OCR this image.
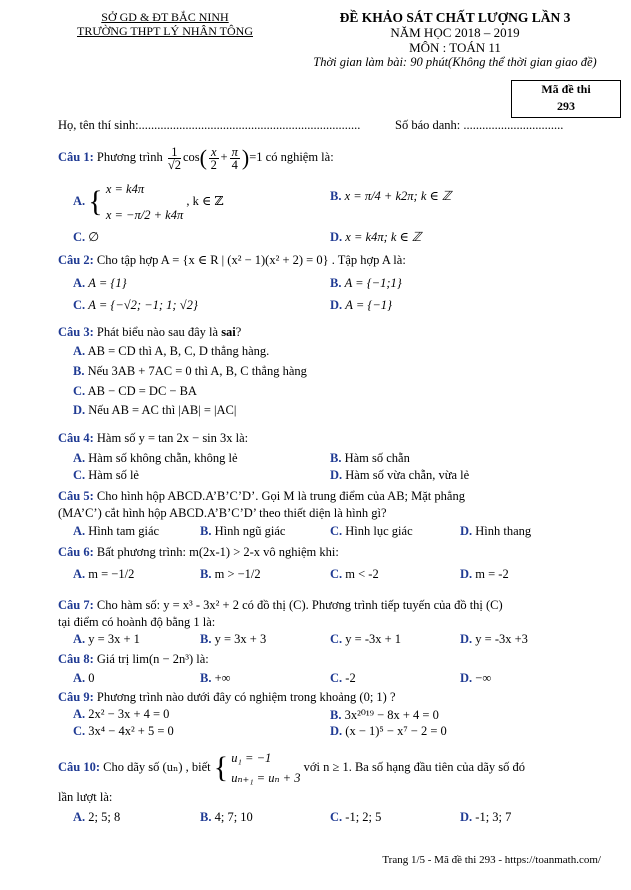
SỞ GD & ĐT BẮC NINH
TRƯỜNG THPT LÝ NHÂN TÔNG
ĐỀ KHẢO SÁT CHẤT LƯỢNG LẦN 3
NĂM HỌC 2018 – 2019
MÔN : TOÁN 11
Thời gian làm bài: 90 phút(Không thể thời gian giao đề)
Mã đề thi
293
Họ, tên thí sinh:.......................................................................	Số báo danh: ................................
Câu 1: Phương trình $\frac{1}{√2} \cos( \frac{x}{2} + \frac{\pi}{4} )=1$ có nghiệm là:
A. { x = k4π
x = −π/2 + k4π , k ∈ ℤ	B. x = π/4 + k2π; k ∈ ℤ
C. ∅	D. x = k4π; k ∈ ℤ
Câu 2: Cho tập hợp A = {x ∈ R | (x² − 1)(x² + 2) = 0} . Tập hợp A là:
A. A = {1}	B. A = {−1;1}
C. A = {−√2; −1; 1; √2}	D. A = {−1}
Câu 3: Phát biểu nào sau đây là sai?
A. AB = CD thì A, B, C, D thẳng hàng.
B. Nếu 3AB + 7AC = 0 thì A, B, C thẳng hàng
C. AB − CD = DC − BA
D. Nếu AB = AC thì |AB| = |AC|
Câu 4: Hàm số y = tan 2x − sin 3x là:
A. Hàm số không chẵn, không lẻ	B. Hàm số chẵn
C. Hàm số lẻ	D. Hàm số vừa chẵn, vừa lẻ
Câu 5: Cho hình hộp ABCD.A’B’C’D’. Gọi M là trung điểm của AB; Mặt phẳng
(MA’C’) cắt hình hộp ABCD.A’B’C’D’ theo thiết diện là hình gì?
A. Hình tam giác	B. Hình ngũ giác	C. Hình lục giác	D. Hình thang
Câu 6: Bất phương trình: m(2x-1) > 2-x vô nghiệm khi:
A. m = −1/2	B. m > −1/2	C. m < -2	D. m = -2
Câu 7: Cho hàm số: y = x³ - 3x² + 2 có đồ thị (C). Phương trình tiếp tuyến của đồ thị (C)
tại điểm có hoành độ bằng 1 là:
A. y = 3x + 1	B. y = 3x + 3	C. y = -3x + 1	D. y = -3x +3
Câu 8: Giá trị lim(n − 2n³) là:
A. 0	B. +∞	C. -2	D. −∞
Câu 9: Phương trình nào dưới đây có nghiệm trong khoảng (0; 1) ?
A. 2x² − 3x + 4 = 0	B. 3x²⁰¹⁹ − 8x + 4 = 0
C. 3x⁴ − 4x² + 5 = 0	D. (x − 1)⁵ − x⁷ − 2 = 0
Câu 10: Cho dãy số (uₙ) , biết { u₁ = −1
uₙ₊₁ = uₙ + 3 với n ≥ 1. Ba số hạng đầu tiên của dãy số đó
lần lượt là:
A. 2; 5; 8	B. 4; 7; 10	C. -1; 2; 5	D. -1; 3; 7
Trang 1/5 - Mã đề thi 293 - https://toanmath.com/
